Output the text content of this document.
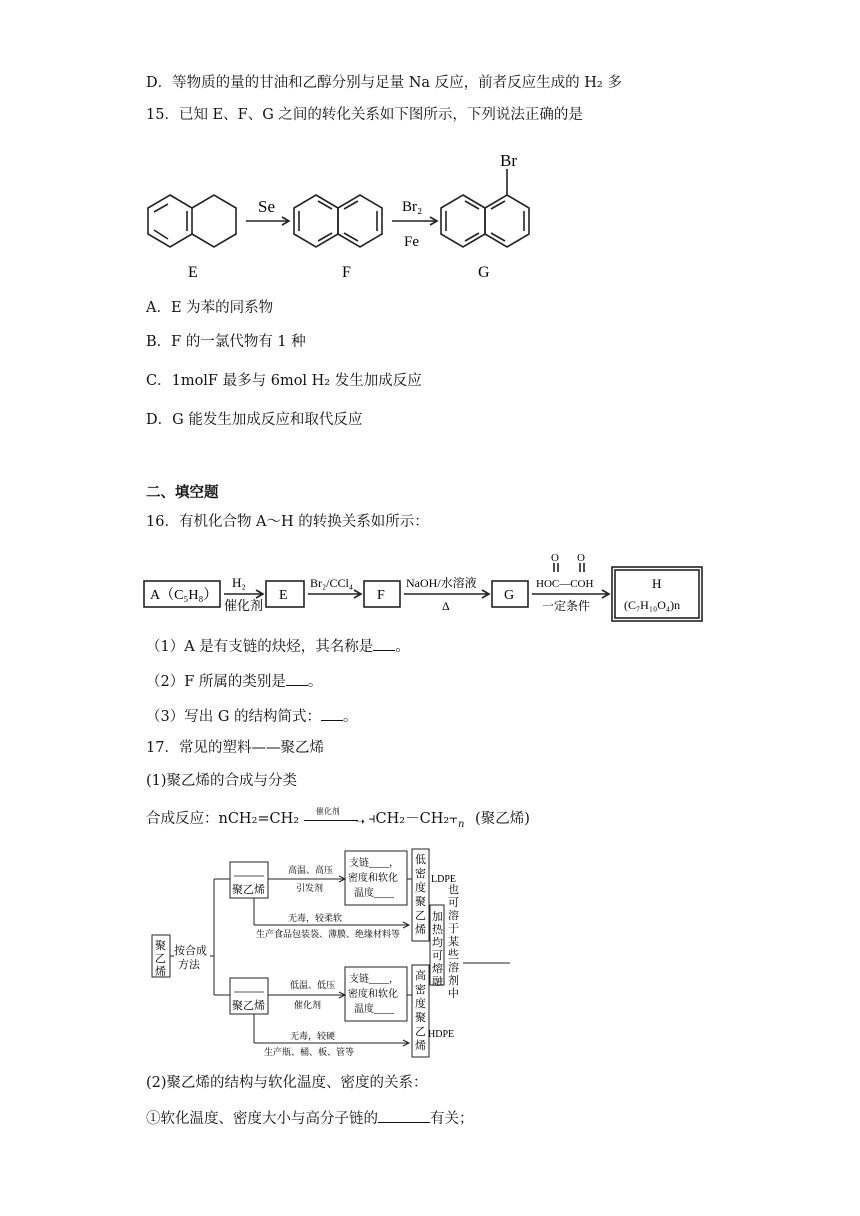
D．等物质的量的甘油和乙醇分别与足量 Na 反应，前者反应生成的 H₂ 多
15．已知 E、F、G 之间的转化关系如下图所示，下列说法正确的是
Se	Br₂
Fe
Br
E	F	G
A．E 为苯的同系物
B．F 的一氯代物有 1 种
C．1molF 最多与 6mol H₂ 发生加成反应
D．G 能发生加成反应和取代反应
二、填空题
16．有机化合物 A～H 的转换关系如所示：
A（C₅H₈）
H₂
催化剂
E
Br₂/CCl₄
F
NaOH/水溶液
Δ
G
O O
HOC—COH
一定条件
H
(C₇H₁₀O₄)n
（1）A 是有支链的炔烃，其名称是 。
（2）F 所属的类别是 。
（3）写出 G 的结构简式： 。
17．常见的塑料——聚乙烯
(1)聚乙烯的合成与分类
合成反应：nCH₂=CH₂ 催化剂
➝ $⫞CH_2-CH_2⫟_n$ (聚乙烯)
聚
乙
烯
按合成
方法
聚乙烯
高温、高压
引发剂
支链____，
密度和软化
温度____
低
密
度
聚
乙
烯
LDPE
无毒，较柔软
生产食品包装袋、薄膜、绝缘材料等
加
热
均
可
熔
融
也
可
溶
于
某
些
溶
剂
中
聚乙烯
低温、低压
催化剂
支链____，
密度和软化
温度____
高
密
度
聚
乙
烯
HDPE
无毒，较硬
生产瓶、桶、板、管等
(2)聚乙烯的结构与软化温度、密度的关系：
①软化温度、密度大小与高分子链的	有关；
